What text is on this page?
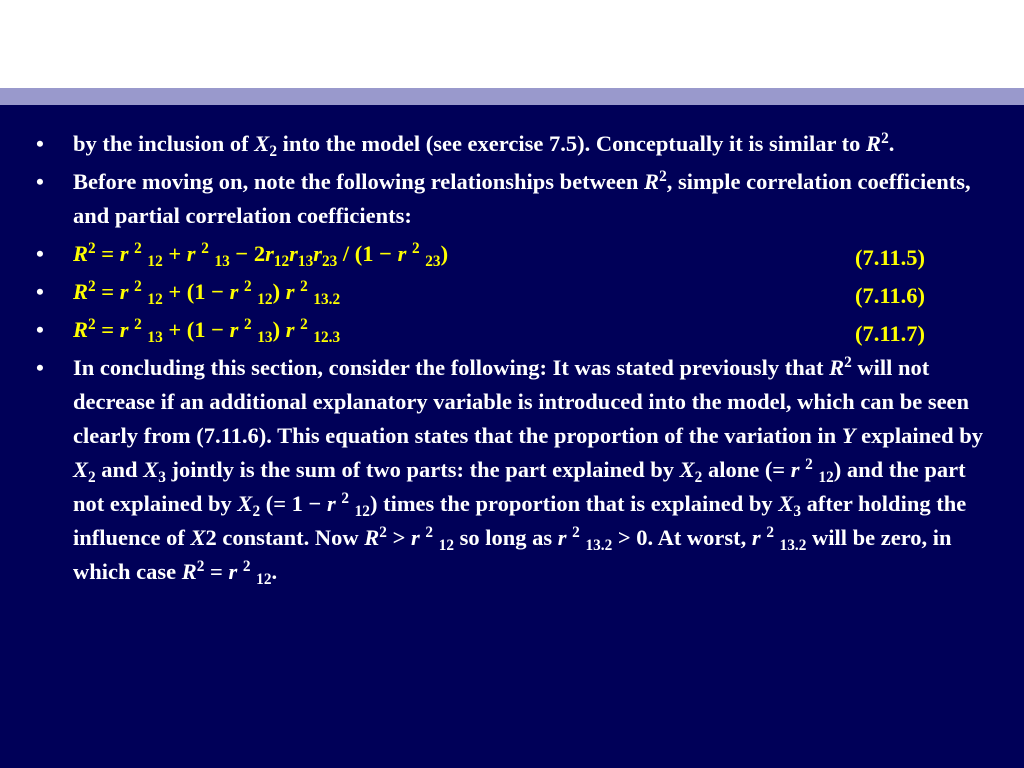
• by the inclusion of $X_2$ into the model (see exercise 7.5). Conceptually it is similar to $R^2$.
• Before moving on, note the following relationships between $R^2$, simple correlation coefficients, and partial correlation coefficients:
• $R^2 = r$ $^2$ $_{12}$ + r $^2$ $_{13} - 2r_{12}r_{13}r_{23} / (1 - r$ $^2$ $_{23}$)	(7.11.5)
• $R^2 = r$ $^2$ $_{12}$ + (1 − r $^2$ $_{12}$) r $^2$ $_{13.2}$	(7.11.6)
• $R^2 = r$ $^2$ $_{13}$ + (1 − r $^2$ $_{13}$) r $^2$ $_{12.3}$	(7.11.7)
• In concluding this section, consider the following: It was stated previously that $R^2$ will not decrease if an additional explanatory variable is introduced into the model, which can be seen clearly from (7.11.6). This equation states that the proportion of the variation in Y explained by $X_2$ and $X_3$ jointly is the sum of two parts: the part explained by $X_2$ alone (= r $^2$ $_{12}$) and the part not explained by $X_2$ (= 1 − r $^2$ $_{12}$) times the proportion that is explained by $X_3$ after holding the influence of X2 constant. Now $R^2 > r$ $^2$ $_{12}$ so long as r $^2$ $_{13.2}$ > 0. At worst, r $^2$ $_{13.2}$ will be zero, in which case $R^2 = r$ $^2$ $_{12}$.
